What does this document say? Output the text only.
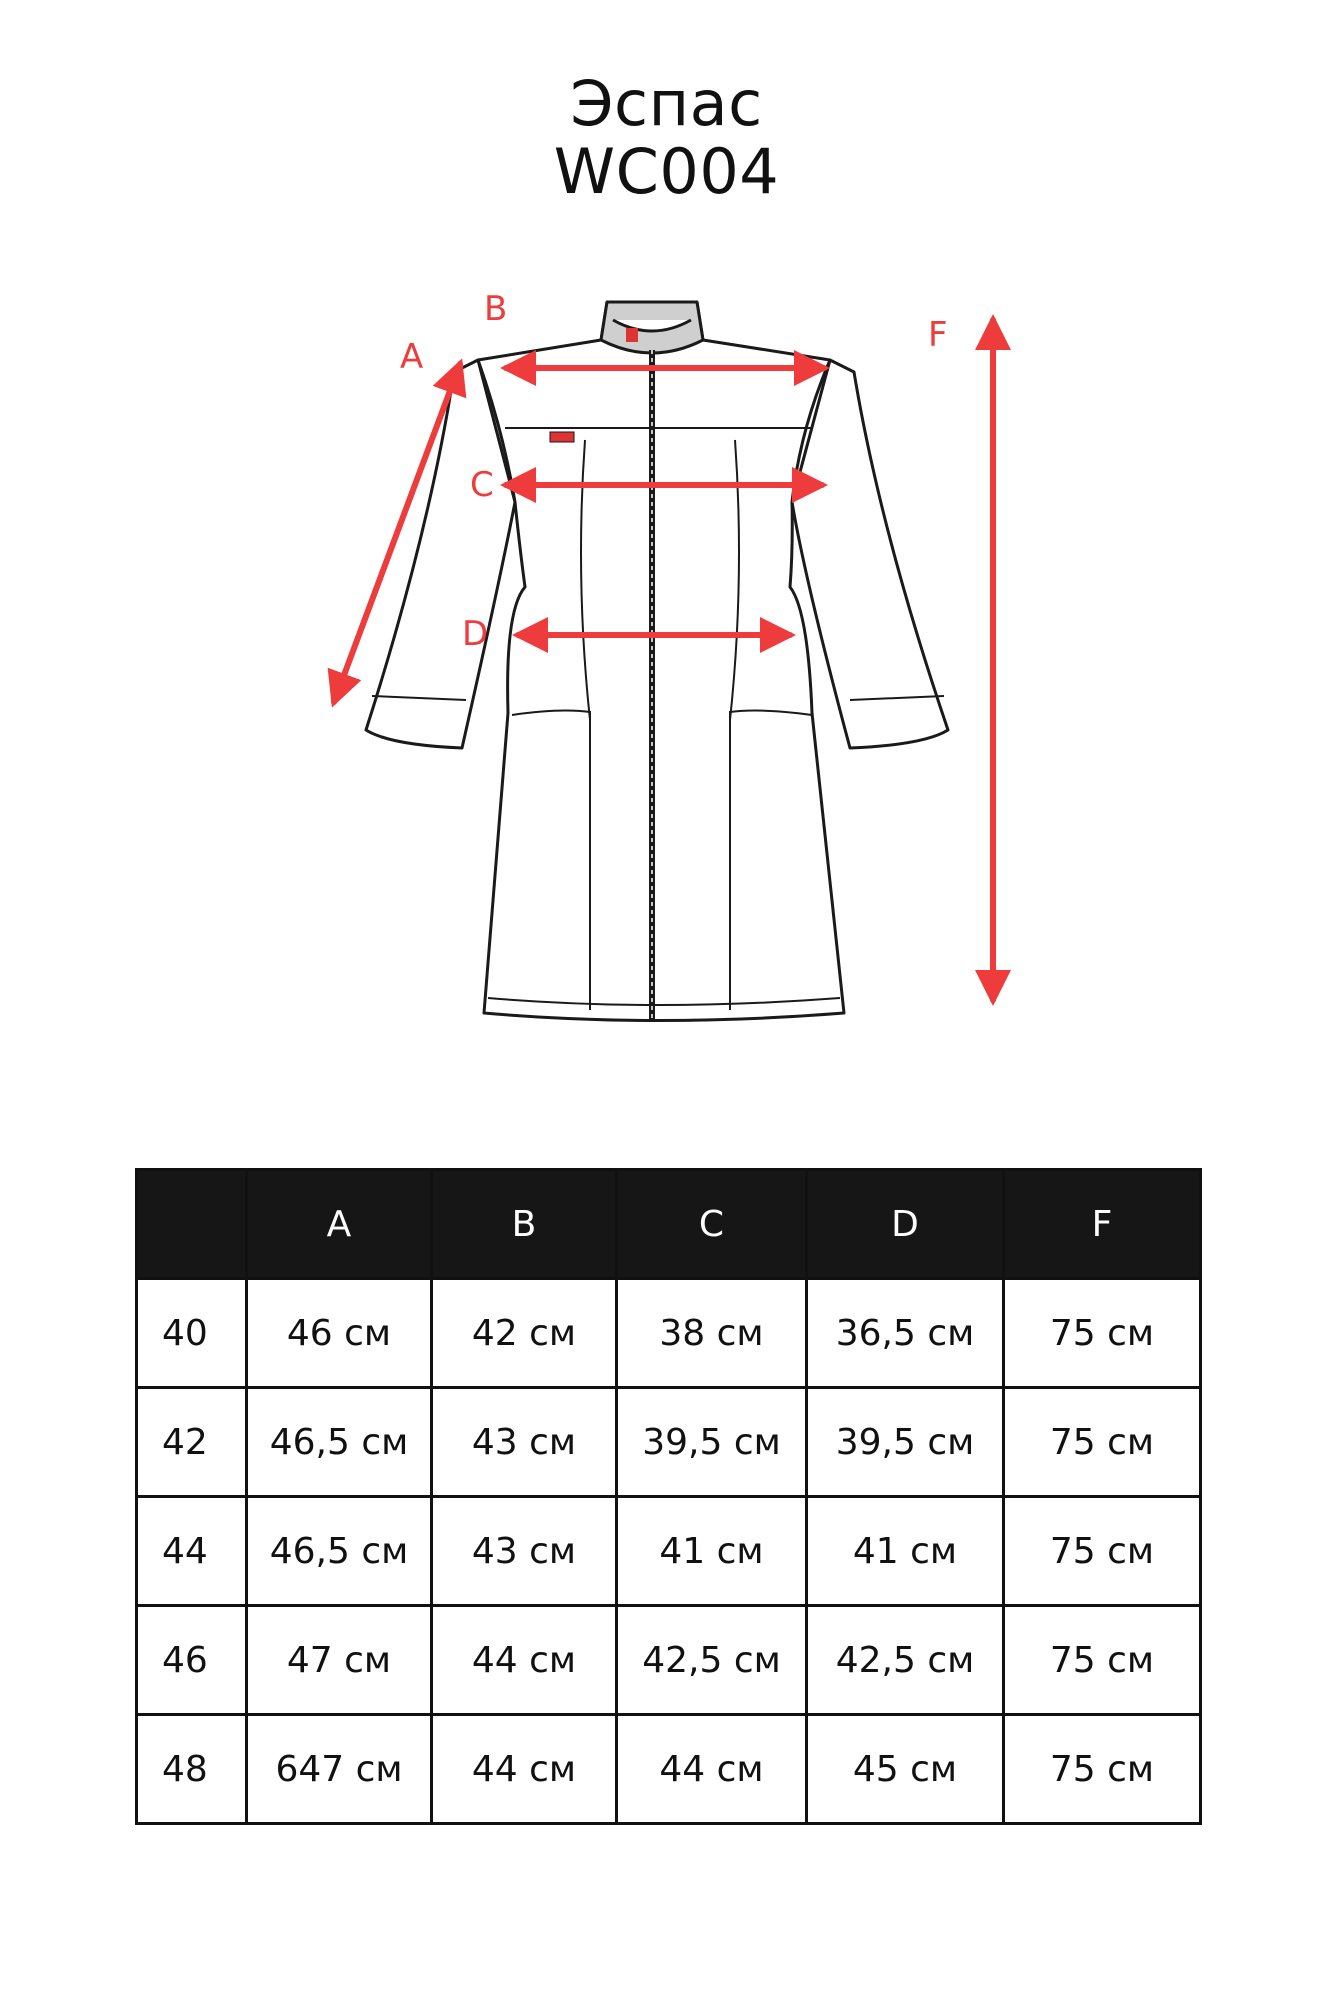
Эспас
WC004
A
B
C
D
F
	A	B	C	D	F
40	46 см	42 см	38 см	36,5 см	75 см
42	46,5 см	43 см	39,5 см	39,5 см	75 см
44	46,5 см	43 см	41 см	41 см	75 см
46	47 см	44 см	42,5 см	42,5 см	75 см
48	647 см	44 см	44 см	45 см	75 см
